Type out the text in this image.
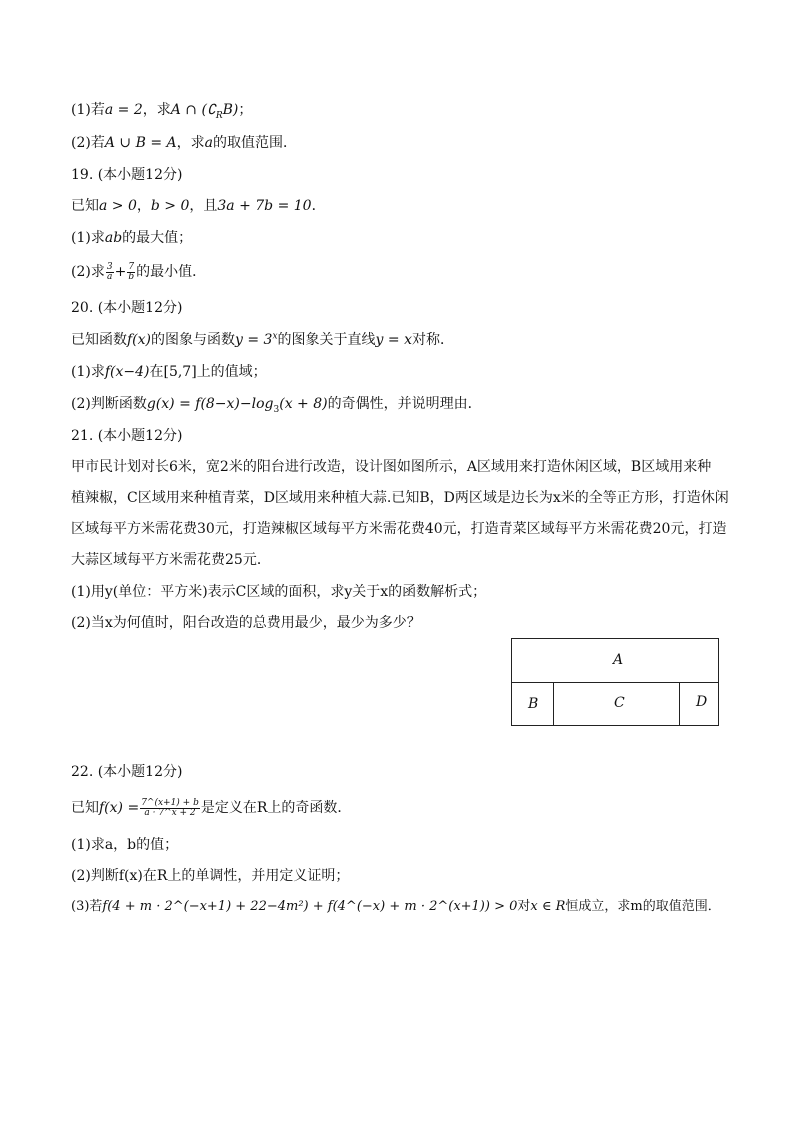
(1)若a = 2，求A ∩ $(∁_RB)$；
(2)若A ∪ B = A，求a的取值范围．
19. (本小题12分)
已知a > 0，b > 0，且3a + 7b = 10．
(1)求ab的最大值；
(2)求 $\frac{3}{a} + \frac{7}{b}$ 的最小值．
20. (本小题12分)
已知函数f(x)的图象与函数$y = 3^x$的图象关于直线y = x对称．
(1)求f(x−4)在[5,7]上的值域；
(2)判断函数$g(x) = f(8-x)-\log_3(x + 8)$的奇偶性，并说明理由．
21. (本小题12分)
甲市民计划对长6米，宽2米的阳台进行改造，设计图如图所示，A区域用来打造休闲区域，B区域用来种
植辣椒，C区域用来种植青菜，D区域用来种植大蒜.已知B，D两区域是边长为x米的全等正方形，打造休闲
区域每平方米需花费30元，打造辣椒区域每平方米需花费40元，打造青菜区域每平方米需花费20元，打造
大蒜区域每平方米需花费25元．
(1)用y(单位：平方米)表示C区域的面积，求y关于x的函数解析式；
(2)当x为何值时，阳台改造的总费用最少，最少为多少？
A
B	C	D
22. (本小题12分)
已知$f(x) = \frac{7\^{}(x+1) + b}{a \cdot 7\^{}x + 2}$ 是定义在R上的奇函数．
(1)求a，b的值；
(2)判断f(x)在R上的单调性，并用定义证明；
(3)若f(4 + m · 2^(−x+1) + 22−4m²) + f(4^(−x) + m · 2^(x+1)) > 0对x ∈ R恒成立，求m的取值范围．
